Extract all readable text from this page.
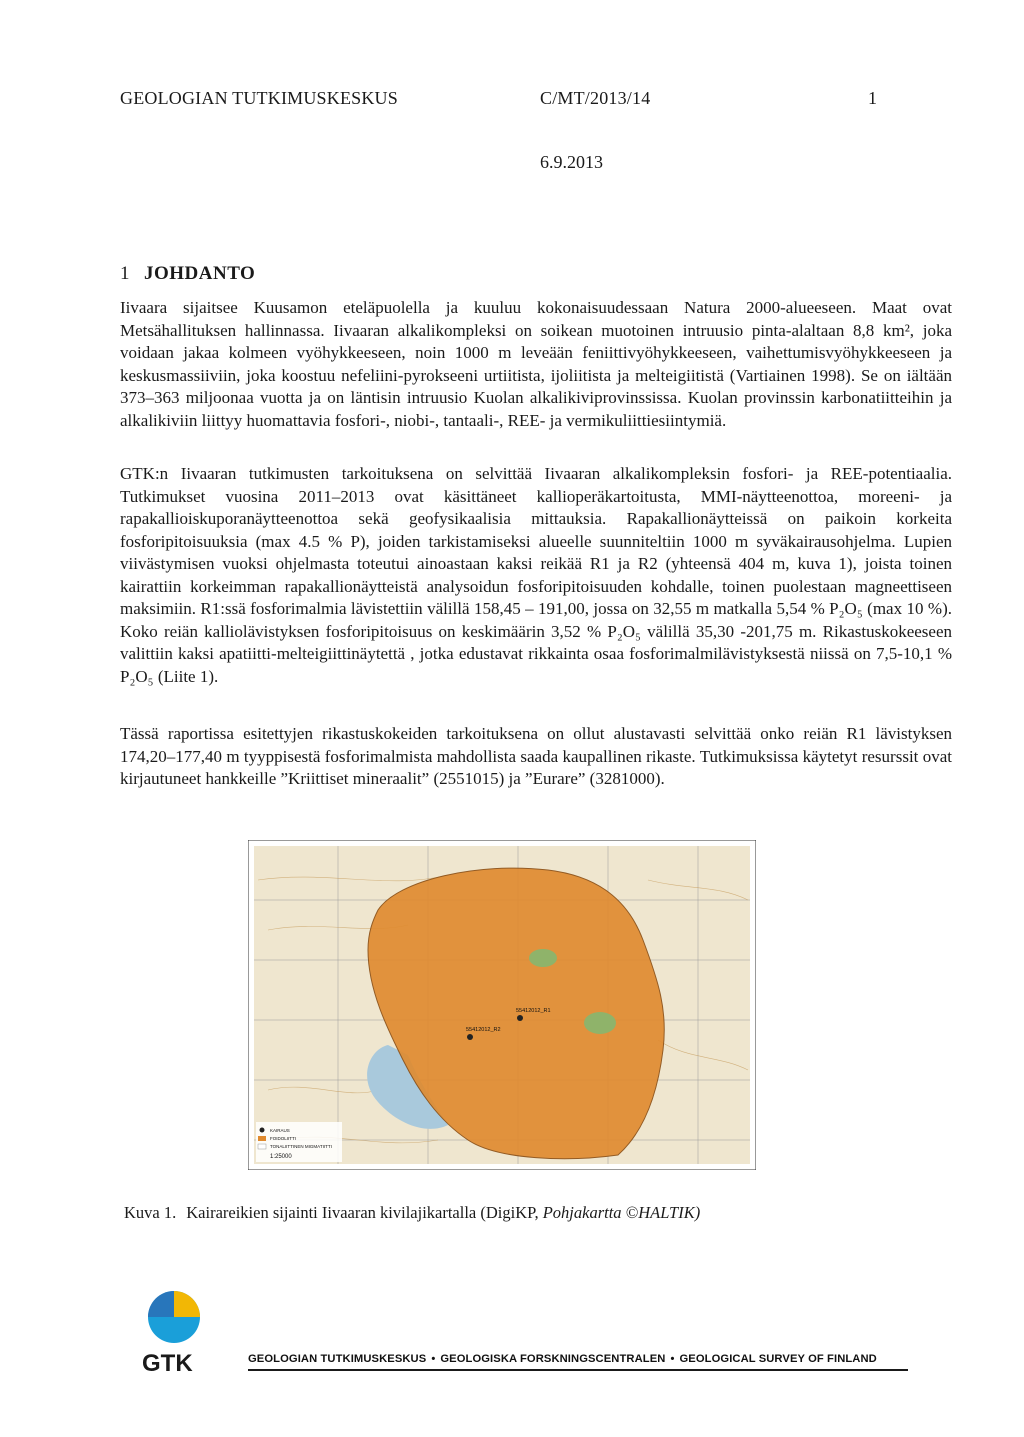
GEOLOGIAN TUTKIMUSKESKUS	C/MT/2013/14	1
6.9.2013
1 JOHDANTO

Iivaara sijaitsee Kuusamon eteläpuolella ja kuuluu kokonaisuudessaan Natura 2000-alueeseen. Maat ovat Metsähallituksen hallinnassa. Iivaaran alkalikompleksi on soikean muotoinen intruusio pinta-alaltaan 8,8 km², joka voidaan jakaa kolmeen vyöhykkeeseen, noin 1000 m leveään feniittivyöhykkeeseen, vaihettumisvyöhykkeeseen ja keskusmassiiviin, joka koostuu nefeliini-pyrokseeni urtiitista, ijoliitista ja melteigiitistä (Vartiainen 1998). Se on iältään 373–363 miljoonaa vuotta ja on läntisin intruusio Kuolan alkalikiviprovinssissa. Kuolan provinssin karbonatiitteihin ja alkalikiviin liittyy huomattavia fosfori-, niobi-, tantaali-, REE- ja vermikuliittiesiintymiä.

GTK:n Iivaaran tutkimusten tarkoituksena on selvittää Iivaaran alkalikompleksin fosfori- ja REE-potentiaalia. Tutkimukset vuosina 2011–2013 ovat käsittäneet kallioperäkartoitusta, MMI-näytteenottoa, moreeni- ja rapakallioiskuporanäytteenottoa sekä geofysikaalisia mittauksia. Rapakallionäytteissä on paikoin korkeita fosforipitoisuuksia (max 4.5 % P), joiden tarkistamiseksi alueelle suunniteltiin 1000 m syväkairausohjelma. Lupien viivästymisen vuoksi ohjelmasta toteutui ainoastaan kaksi reikää R1 ja R2 (yhteensä 404 m, kuva 1), joista toinen kairattiin korkeimman rapakallionäytteistä analysoidun fosforipitoisuuden kohdalle, toinen puolestaan magneettiseen maksimiin. R1:ssä fosforimalmia lävistettiin välillä 158,45 – 191,00, jossa on 32,55 m matkalla 5,54 % P₂O₅ (max 10 %). Koko reiän kalliolävistyksen fosforipitoisuus on keskimäärin 3,52 % P₂O₅ välillä 35,30 -201,75 m. Rikastuskokeeseen valittiin kaksi apatiitti-melteigiittinäytettä , jotka edustavat rikkainta osaa fosforimalmilävistyksestä niissä on 7,5-10,1 % P₂O₅ (Liite 1).

Tässä raportissa esitettyjen rikastuskokeiden tarkoituksena on ollut alustavasti selvittää onko reiän R1 lävistyksen 174,20–177,40 m tyyppisestä fosforimalmista mahdollista saada kaupallinen rikaste. Tutkimuksissa käytetyt resurssit ovat kirjautuneet hankkeille ”Kriittiset mineraalit” (2551015) ja ”Eurare” (3281000).

55412012_R1
55412012_R2
KAIRAUS
FOIDOLIITTI
TONALIITTINEN MIGMATIITTI
1:25000
Kuva 1. Kairareikien sijainti Iivaaran kivilajikartalla (DigiKP, Pohjakartta ©HALTIK)
GTK	GEOLOGIAN TUTKIMUSKESKUS • GEOLOGISKA FORSKNINGSCENTRALEN • GEOLOGICAL SURVEY OF FINLAND
